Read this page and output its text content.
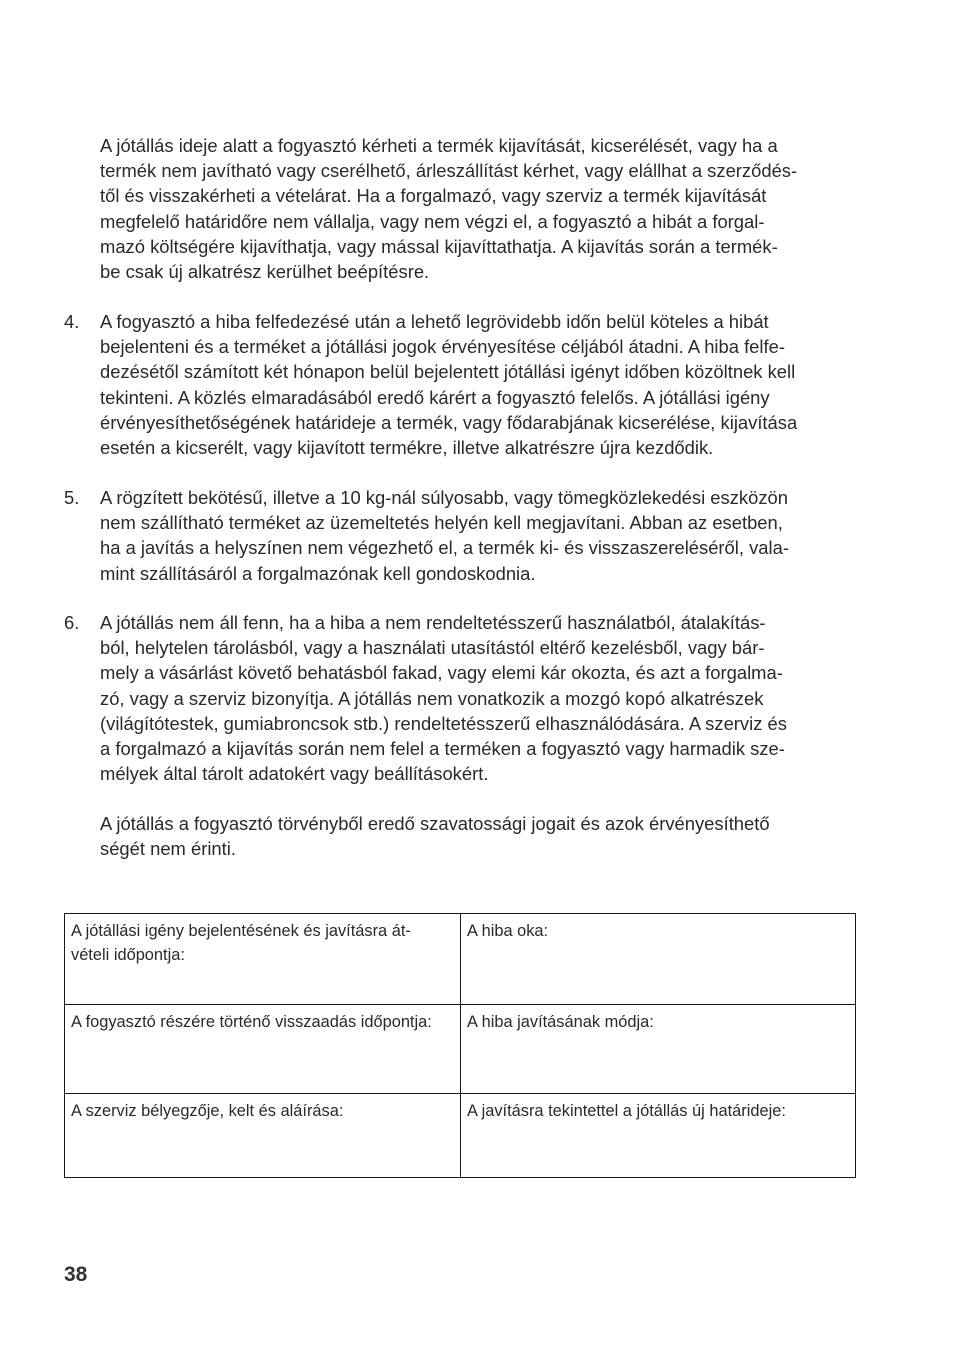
A jótállás ideje alatt a fogyasztó kérheti a termék kijavítását, kicserélését, vagy ha a
termék nem javítható vagy cserélhető, árleszállítást kérhet, vagy elállhat a szerződés-
től és visszakérheti a vételárat. Ha a forgalmazó, vagy szerviz a termék kijavítását
megfelelő határidőre nem vállalja, vagy nem végzi el, a fogyasztó a hibát a forgal-
mazó költségére kijavíthatja, vagy mással kijavíttathatja. A kijavítás során a termék-
be csak új alkatrész kerülhet beépítésre.

4. A fogyasztó a hiba felfedezésé után a lehető legrövidebb időn belül köteles a hibát
bejelenteni és a terméket a jótállási jogok érvényesítése céljából átadni. A hiba felfe-
dezésétől számított két hónapon belül bejelentett jótállási igényt időben közöltnek kell
tekinteni. A közlés elmaradásából eredő kárért a fogyasztó felelős. A jótállási igény
érvényesíthetőségének határideje a termék, vagy fődarabjának kicserélése, kijavítása
esetén a kicserélt, vagy kijavított termékre, illetve alkatrészre újra kezdődik.

5. A rögzített bekötésű, illetve a 10 kg-nál súlyosabb, vagy tömegközlekedési eszközön
nem szállítható terméket az üzemeltetés helyén kell megjavítani. Abban az esetben,
ha a javítás a helyszínen nem végezhető el, a termék ki- és visszaszereléséről, vala-
mint szállításáról a forgalmazónak kell gondoskodnia.

6. A jótállás nem áll fenn, ha a hiba a nem rendeltetésszerű használatból, átalakítás-
ból, helytelen tárolásból, vagy a használati utasítástól eltérő kezelésből, vagy bár-
mely a vásárlást követő behatásból fakad, vagy elemi kár okozta, és azt a forgalma-
zó, vagy a szerviz bizonyítja. A jótállás nem vonatkozik a mozgó kopó alkatrészek
(világítótestek, gumiabroncsok stb.) rendeltetésszerű elhasználódására. A szerviz és
a forgalmazó a kijavítás során nem felel a terméken a fogyasztó vagy harmadik sze-
mélyek által tárolt adatokért vagy beállításokért.

A jótállás a fogyasztó törvényből eredő szavatossági jogait és azok érvényesíthető
ségét nem érinti.

A jótállási igény bejelentésének és javításra át-
vételi időpontja:
A hiba oka:
A fogyasztó részére történő visszaadás időpontja:	A hiba javításának módja:
A szerviz bélyegzője, kelt és aláírása:	A javításra tekintettel a jótállás új határideje:
38
